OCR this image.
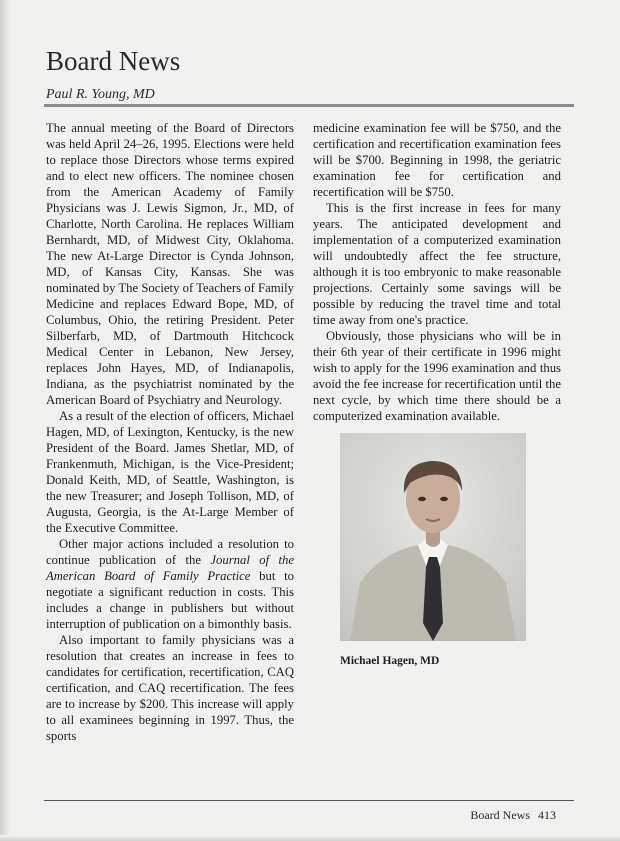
Board News

Paul R. Young, MD

The annual meeting of the Board of Directors was held April 24–26, 1995. Elections were held to replace those Directors whose terms expired and to elect new officers. The nominee chosen from the American Academy of Family Physicians was J. Lewis Sigmon, Jr., MD, of Charlotte, North Carolina. He replaces William Bernhardt, MD, of Midwest City, Oklahoma. The new At-Large Director is Cynda Johnson, MD, of Kansas City, Kansas. She was nominated by The Society of Teachers of Family Medicine and replaces Edward Bope, MD, of Columbus, Ohio, the retiring President. Peter Silberfarb, MD, of Dartmouth Hitchcock Medical Center in Lebanon, New Jersey, replaces John Hayes, MD, of Indianapolis, Indiana, as the psychiatrist nominated by the American Board of Psychiatry and Neurology.

As a result of the election of officers, Michael Hagen, MD, of Lexington, Kentucky, is the new President of the Board. James Shetlar, MD, of Frankenmuth, Michigan, is the Vice-President; Donald Keith, MD, of Seattle, Washington, is the new Treasurer; and Joseph Tollison, MD, of Augusta, Georgia, is the At-Large Member of the Executive Committee.

Other major actions included a resolution to continue publication of the Journal of the American Board of Family Practice but to negotiate a significant reduction in costs. This includes a change in publishers but without interruption of publication on a bimonthly basis.

Also important to family physicians was a resolution that creates an increase in fees to candidates for certification, recertification, CAQ certification, and CAQ recertification. The fees are to increase by $200. This increase will apply to all examinees beginning in 1997. Thus, the sports

medicine examination fee will be $750, and the certification and recertification examination fees will be $700. Beginning in 1998, the geriatric examination fee for certification and recertification will be $750.

This is the first increase in fees for many years. The anticipated development and implementation of a computerized examination will undoubtedly affect the fee structure, although it is too embryonic to make reasonable projections. Certainly some savings will be possible by reducing the travel time and total time away from one's practice.

Obviously, those physicians who will be in their 6th year of their certificate in 1996 might wish to apply for the 1996 examination and thus avoid the fee increase for recertification until the next cycle, by which time there should be a computerized examination available.

Michael Hagen, MD

Board News 413
